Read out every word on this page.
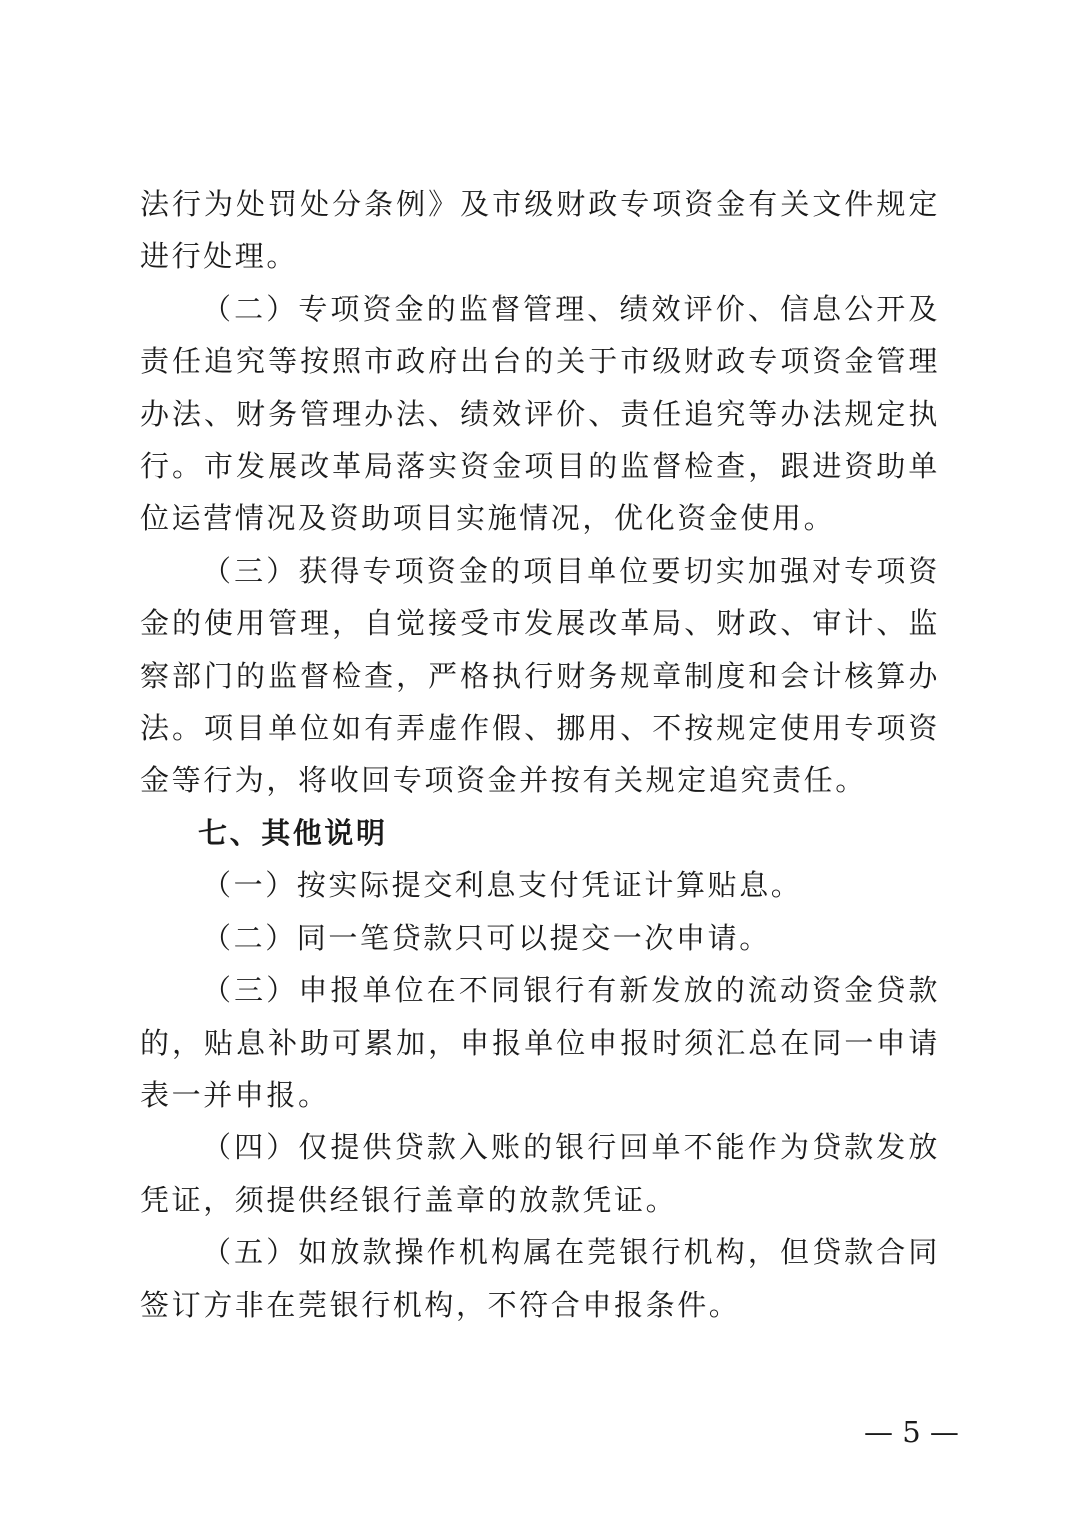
法行为处罚处分条例》及市级财政专项资金有关文件规定进行处理。

（二）专项资金的监督管理、绩效评价、信息公开及责任追究等按照市政府出台的关于市级财政专项资金管理办法、财务管理办法、绩效评价、责任追究等办法规定执行。市发展改革局落实资金项目的监督检查，跟进资助单位运营情况及资助项目实施情况，优化资金使用。

（三）获得专项资金的项目单位要切实加强对专项资金的使用管理，自觉接受市发展改革局、财政、审计、监察部门的监督检查，严格执行财务规章制度和会计核算办法。项目单位如有弄虚作假、挪用、不按规定使用专项资金等行为，将收回专项资金并按有关规定追究责任。

七、其他说明

（一）按实际提交利息支付凭证计算贴息。

（二）同一笔贷款只可以提交一次申请。

（三）申报单位在不同银行有新发放的流动资金贷款的，贴息补助可累加，申报单位申报时须汇总在同一申请表一并申报。

（四）仅提供贷款入账的银行回单不能作为贷款发放凭证，须提供经银行盖章的放款凭证。

（五）如放款操作机构属在莞银行机构，但贷款合同签订方非在莞银行机构，不符合申报条件。

— 5 —
